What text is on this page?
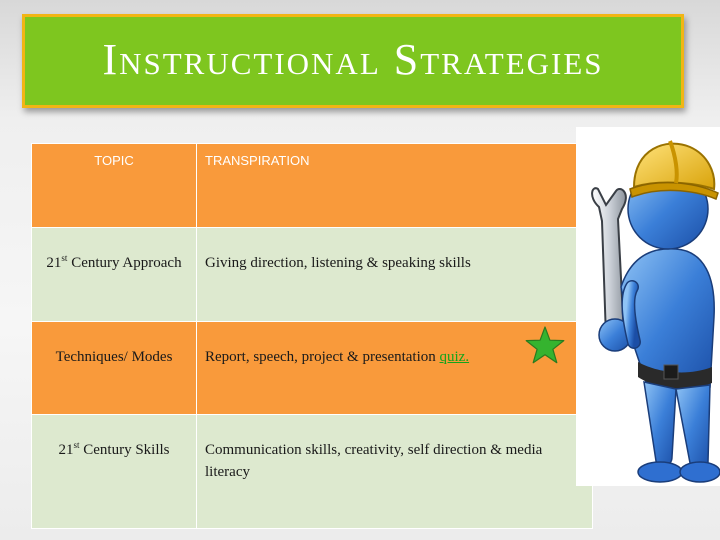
Instructional Strategies
TOPIC	TRANSPIRATION
21st Century Approach	Giving direction, listening & speaking skills
Techniques/ Modes	Report, speech, project & presentation quiz.
21st Century Skills	Communication skills, creativity, self direction & media literacy
